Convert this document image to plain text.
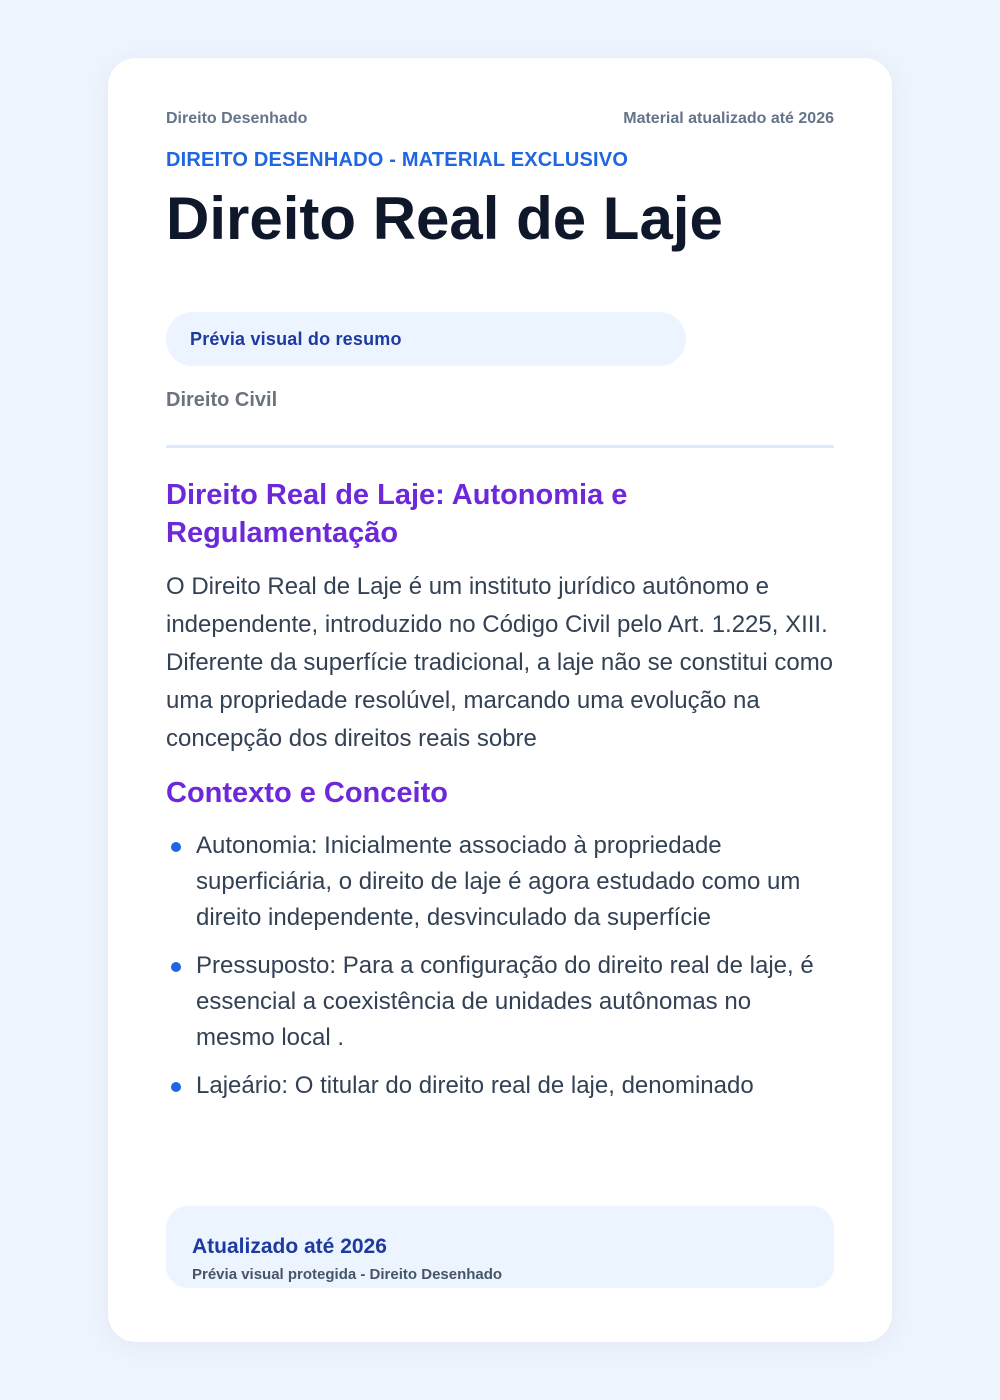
Direito Desenhado	Material atualizado até 2026
DIREITO DESENHADO - MATERIAL EXCLUSIVO
Direito Real de Laje
Prévia visual do resumo
Direito Civil
Direito Real de Laje: Autonomia e Regulamentação

O Direito Real de Laje é um instituto jurídico autônomo e independente, introduzido no Código Civil pelo Art. 1.225, XIII. Diferente da superfície tradicional, a laje não se constitui como uma propriedade resolúvel, marcando uma evolução na concepção dos direitos reais sobre

Contexto e Conceito
Autonomia: Inicialmente associado à propriedade superficiária, o direito de laje é agora estudado como um direito independente, desvinculado da superfície
Pressuposto: Para a configuração do direito real de laje, é essencial a coexistência de unidades autônomas no mesmo local .
Lajeário: O titular do direito real de laje, denominado
Atualizado até 2026
Prévia visual protegida - Direito Desenhado
